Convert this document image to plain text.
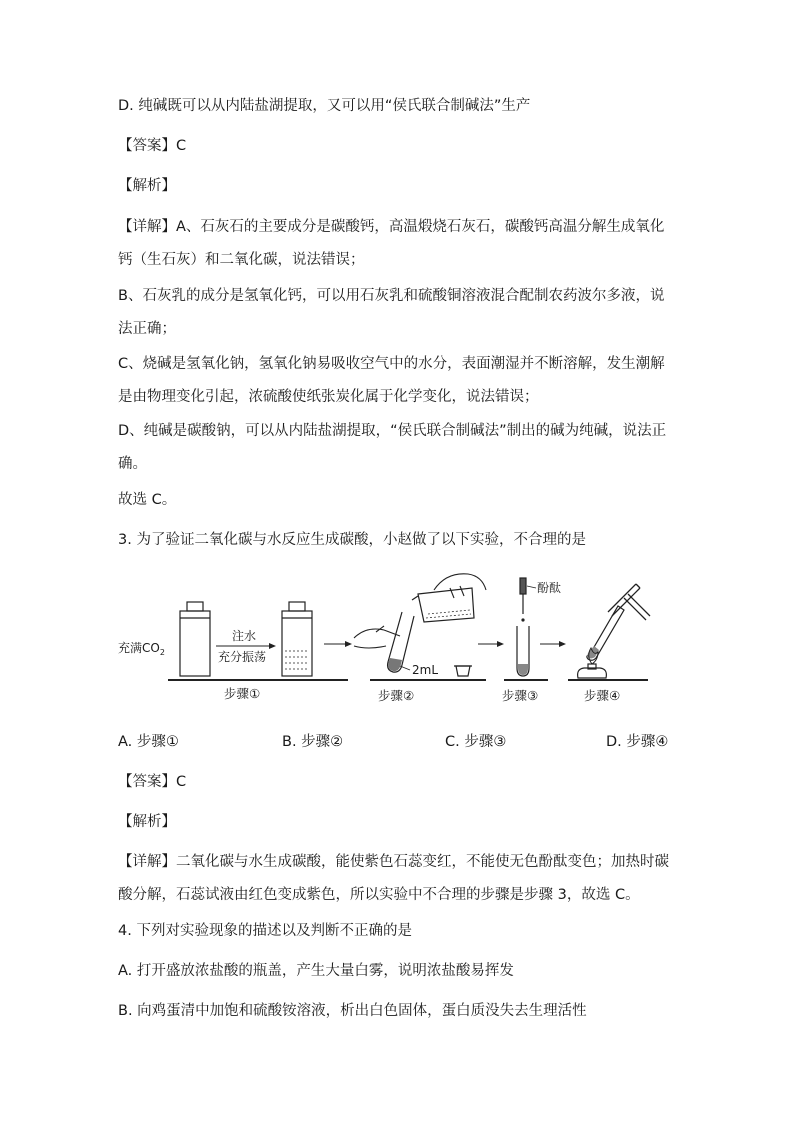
D. 纯碱既可以从内陆盐湖提取，又可以用“侯氏联合制碱法”生产
【答案】C
【解析】
【详解】A、石灰石的主要成分是碳酸钙，高温煅烧石灰石，碳酸钙高温分解生成氧化钙（生石灰）和二氧化碳，说法错误；
B、石灰乳的成分是氢氧化钙，可以用石灰乳和硫酸铜溶液混合配制农药波尔多液，说法正确；
C、烧碱是氢氧化钠，氢氧化钠易吸收空气中的水分，表面潮湿并不断溶解，发生潮解是由物理变化引起，浓硫酸使纸张炭化属于化学变化，说法错误；
D、纯碱是碳酸钠，可以从内陆盐湖提取，“侯氏联合制碱法”制出的碱为纯碱，说法正确。
故选 C。
3. 为了验证二氧化碳与水反应生成碳酸，小赵做了以下实验，不合理的是
充满$CO_2$
注水
充分振荡
步骤①
2mL
步骤②
酚酞
步骤③	步骤④
A. 步骤①	B. 步骤②	C. 步骤③	D. 步骤④
【答案】C
【解析】
【详解】二氧化碳与水生成碳酸，能使紫色石蕊变红，不能使无色酚酞变色；加热时碳酸分解，石蕊试液由红色变成紫色，所以实验中不合理的步骤是步骤 3，故选 C。
4. 下列对实验现象的描述以及判断不正确的是
A. 打开盛放浓盐酸的瓶盖，产生大量白雾，说明浓盐酸易挥发
B. 向鸡蛋清中加饱和硫酸铵溶液，析出白色固体，蛋白质没失去生理活性
